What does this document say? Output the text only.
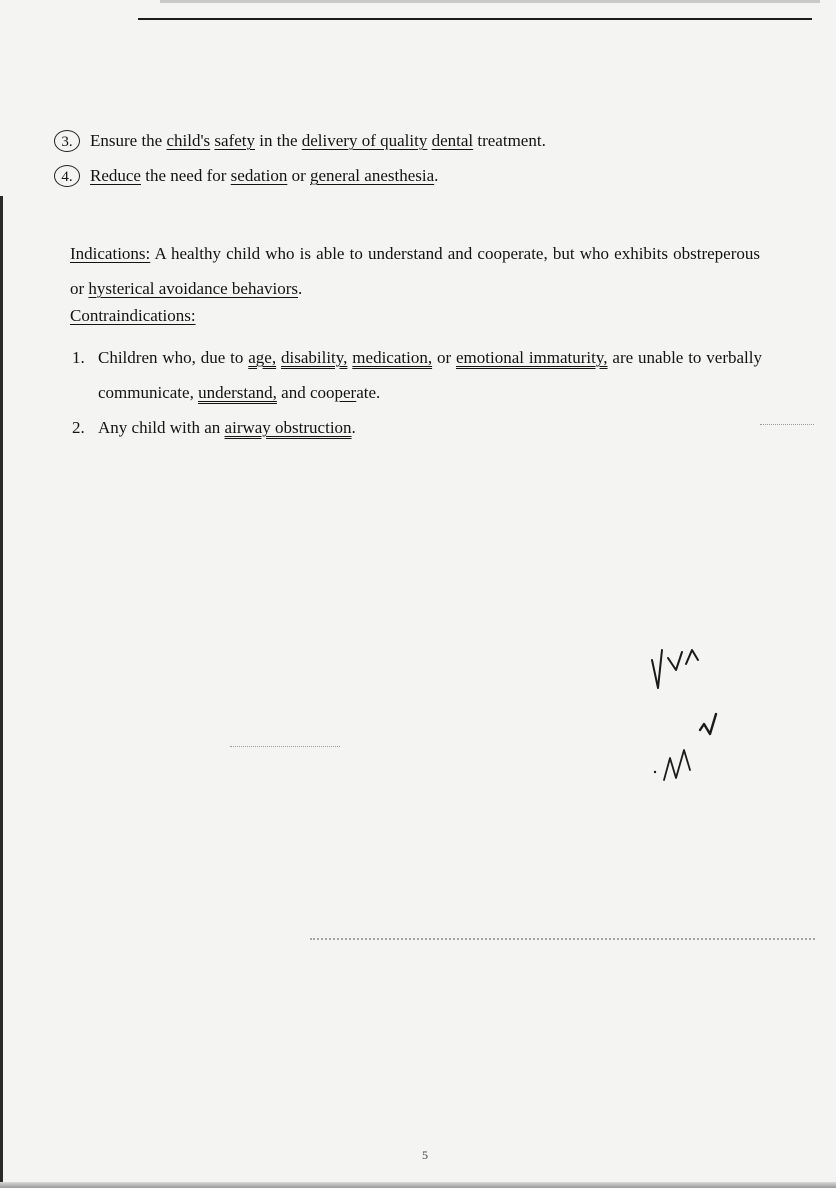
3.	Ensure the child's safety in the delivery of quality dental treatment.
4.	Reduce the need for sedation or general anesthesia.
Indications: A healthy child who is able to understand and cooperate, but who exhibits obstreperous or hysterical avoidance behaviors.
Contraindications:
1. Children who, due to age, disability, medication, or emotional immaturity, are unable to verbally communicate, understand, and cooperate.
2. Any child with an airway obstruction.
5
